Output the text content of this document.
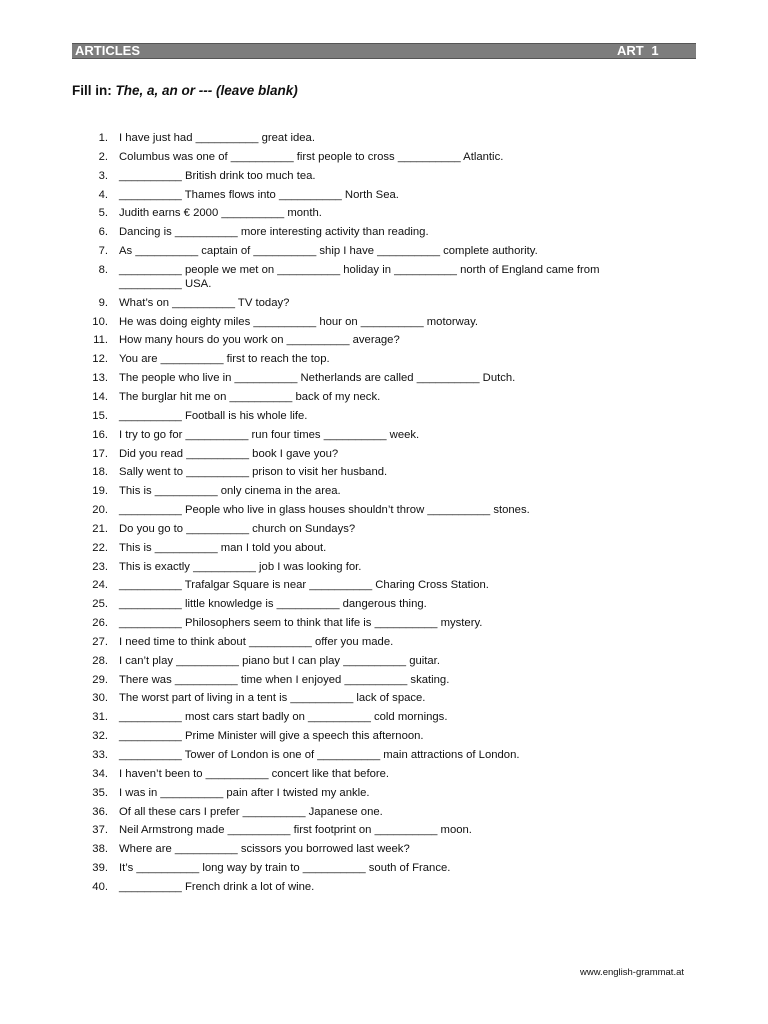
ARTICLES	ART 1
Fill in: The, a, an or --- (leave blank)
1. I have just had __________ great idea.
2. Columbus was one of __________ first people to cross __________ Atlantic.
3. __________ British drink too much tea.
4. __________ Thames flows into __________ North Sea.
5. Judith earns € 2000 __________ month.
6. Dancing is __________ more interesting activity than reading.
7. As __________ captain of __________ ship I have __________ complete authority.
8. __________ people we met on __________ holiday in __________ north of England came from __________ USA.
9. What’s on __________ TV today?
10. He was doing eighty miles __________ hour on __________ motorway.
11. How many hours do you work on __________ average?
12. You are __________ first to reach the top.
13. The people who live in __________ Netherlands are called __________ Dutch.
14. The burglar hit me on __________ back of my neck.
15. __________ Football is his whole life.
16. I try to go for __________ run four times __________ week.
17. Did you read __________ book I gave you?
18. Sally went to __________ prison to visit her husband.
19. This is __________ only cinema in the area.
20. __________ People who live in glass houses shouldn’t throw __________ stones.
21. Do you go to __________ church on Sundays?
22. This is __________ man I told you about.
23. This is exactly __________ job I was looking for.
24. __________ Trafalgar Square is near __________ Charing Cross Station.
25. __________ little knowledge is __________ dangerous thing.
26. __________ Philosophers seem to think that life is __________ mystery.
27. I need time to think about __________ offer you made.
28. I can’t play __________ piano but I can play __________ guitar.
29. There was __________ time when I enjoyed __________ skating.
30. The worst part of living in a tent is __________ lack of space.
31. __________ most cars start badly on __________ cold mornings.
32. __________ Prime Minister will give a speech this afternoon.
33. __________ Tower of London is one of __________ main attractions of London.
34. I haven’t been to __________ concert like that before.
35. I was in __________ pain after I twisted my ankle.
36. Of all these cars I prefer __________ Japanese one.
37. Neil Armstrong made __________ first footprint on __________ moon.
38. Where are __________ scissors you borrowed last week?
39. It’s __________ long way by train to __________ south of France.
40. __________ French drink a lot of wine.
www.english-grammat.at
